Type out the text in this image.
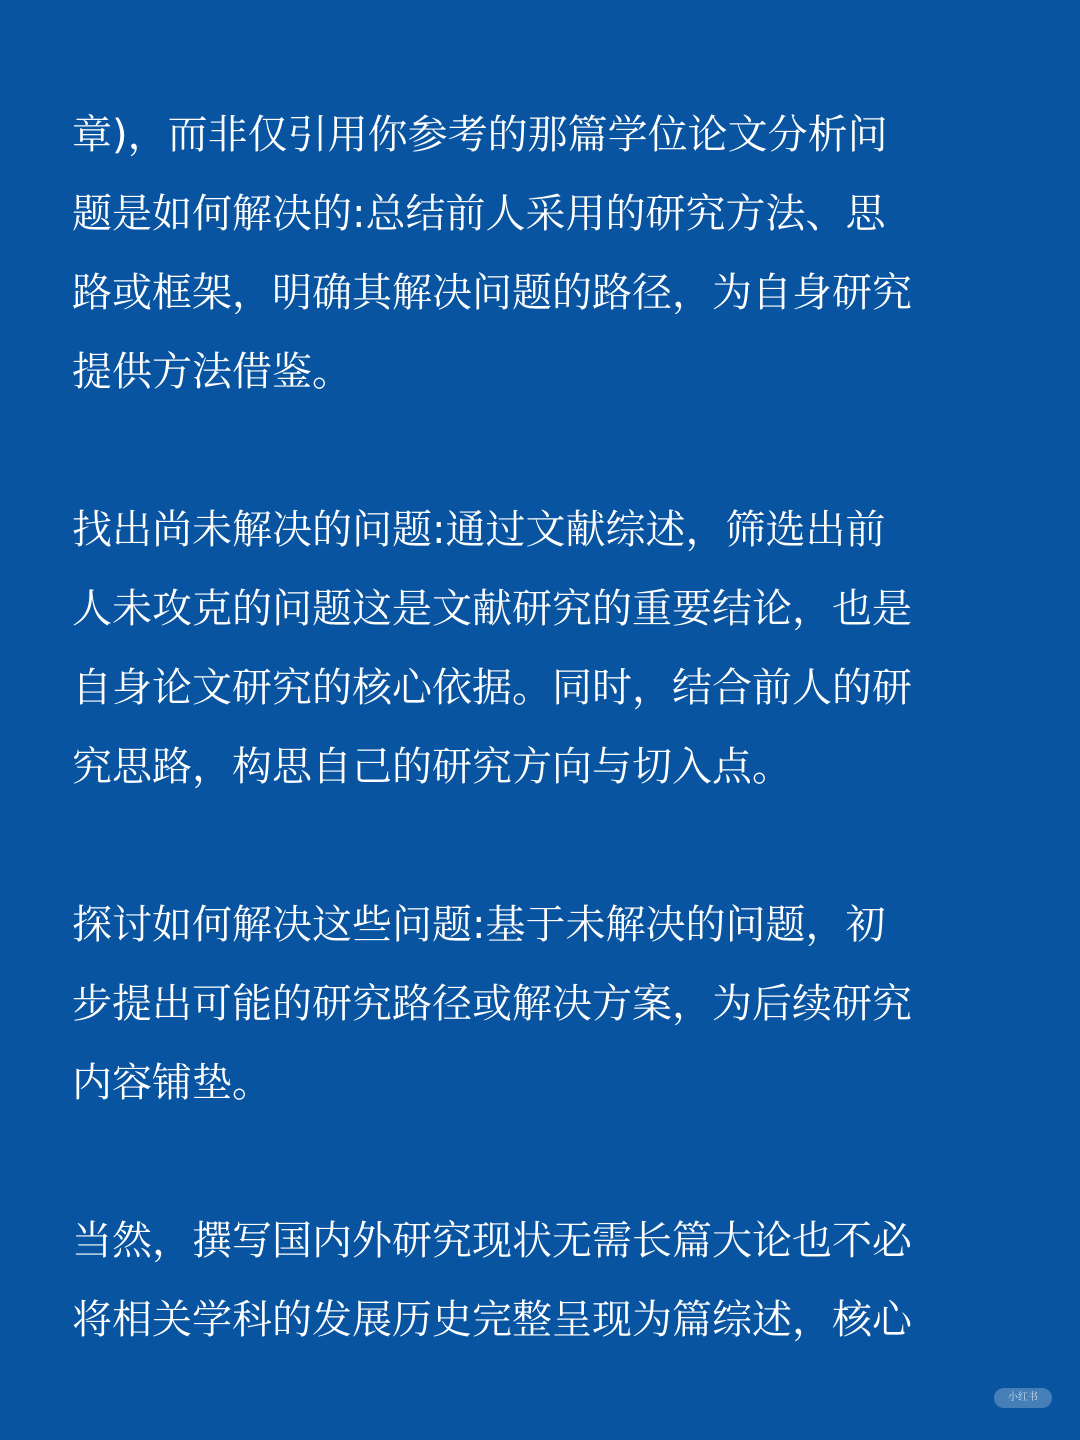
章)，而非仅引用你参考的那篇学位论文分析问
题是如何解决的:总结前人采用的研究方法、思
路或框架，明确其解决问题的路径，为自身研究
提供方法借鉴。
找出尚未解决的问题:通过文献综述，筛选出前
人未攻克的问题这是文献研究的重要结论，也是
自身论文研究的核心依据。同时，结合前人的研
究思路，构思自己的研究方向与切入点。
探讨如何解决这些问题:基于未解决的问题，初
步提出可能的研究路径或解决方案，为后续研究
内容铺垫。
当然，撰写国内外研究现状无需长篇大论也不必
将相关学科的发展历史完整呈现为篇综述，核心
小红书
